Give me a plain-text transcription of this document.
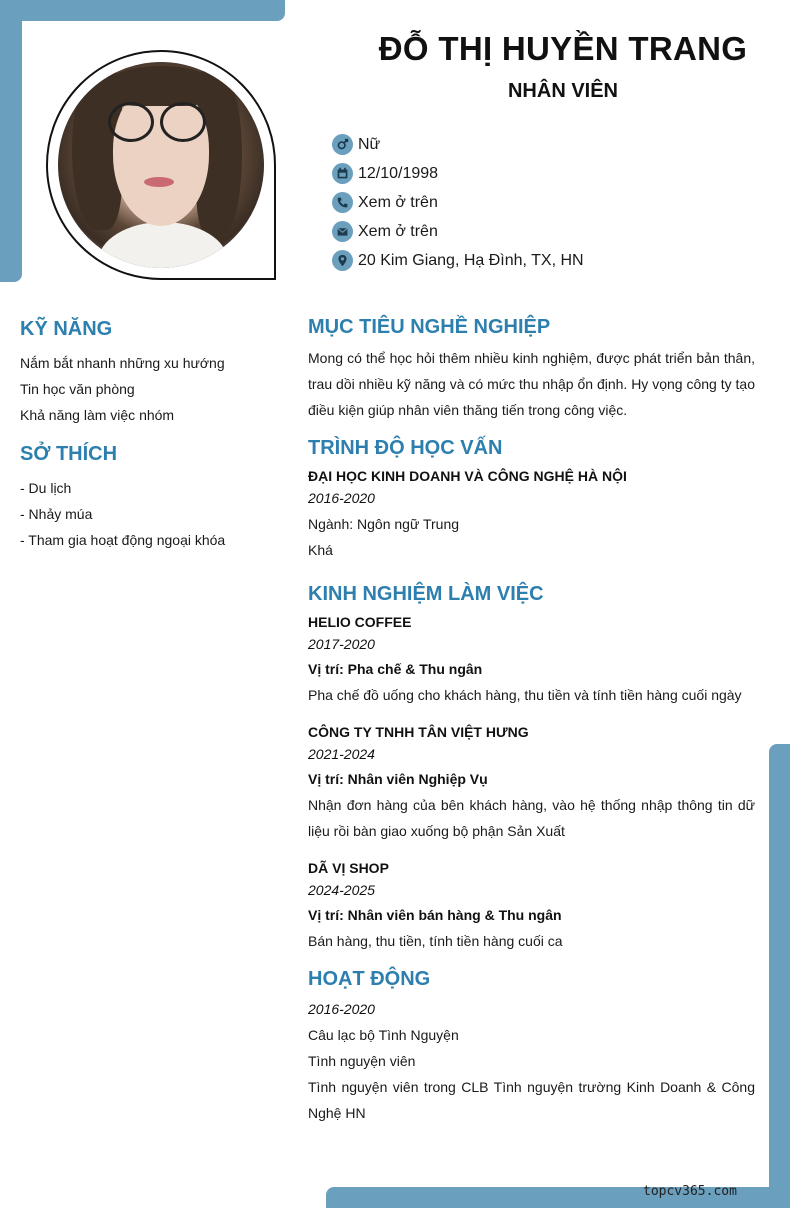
ĐỖ THỊ HUYỀN TRANG
NHÂN VIÊN
Nữ
12/10/1998
Xem ở trên
Xem ở trên
20 Kim Giang, Hạ Đình, TX, HN
KỸ NĂNG
Nắm bắt nhanh những xu hướng
Tin học văn phòng
Khả năng làm việc nhóm
SỞ THÍCH
- Du lịch
- Nhảy múa
- Tham gia hoạt động ngoại khóa
MỤC TIÊU NGHỀ NGHIỆP
Mong có thể học hỏi thêm nhiều kinh nghiệm, được phát triển bản thân, trau dồi nhiều kỹ năng và có mức thu nhập ổn định. Hy vọng công ty tạo điều kiện giúp nhân viên thăng tiến trong công việc.
TRÌNH ĐỘ HỌC VẤN
ĐẠI HỌC KINH DOANH VÀ CÔNG NGHỆ HÀ NỘI
2016-2020
Ngành: Ngôn ngữ Trung
Khá
KINH NGHIỆM LÀM VIỆC
HELIO COFFEE
2017-2020
Vị trí: Pha chế & Thu ngân
Pha chế đồ uống cho khách hàng, thu tiền và tính tiền hàng cuối ngày
CÔNG TY TNHH TÂN VIỆT HƯNG
2021-2024
Vị trí: Nhân viên Nghiệp Vụ
Nhận đơn hàng của bên khách hàng, vào hệ thống nhập thông tin dữ liệu rồi bàn giao xuống bộ phận Sản Xuất
DÃ VỊ SHOP
2024-2025
Vị trí: Nhân viên bán hàng & Thu ngân
Bán hàng, thu tiền, tính tiền hàng cuối ca
HOẠT ĐỘNG
2016-2020
Câu lạc bộ Tình Nguyện
Tình nguyện viên
Tình nguyện viên trong CLB Tình nguyện trường Kinh Doanh & Công Nghệ HN
topcv365.com
